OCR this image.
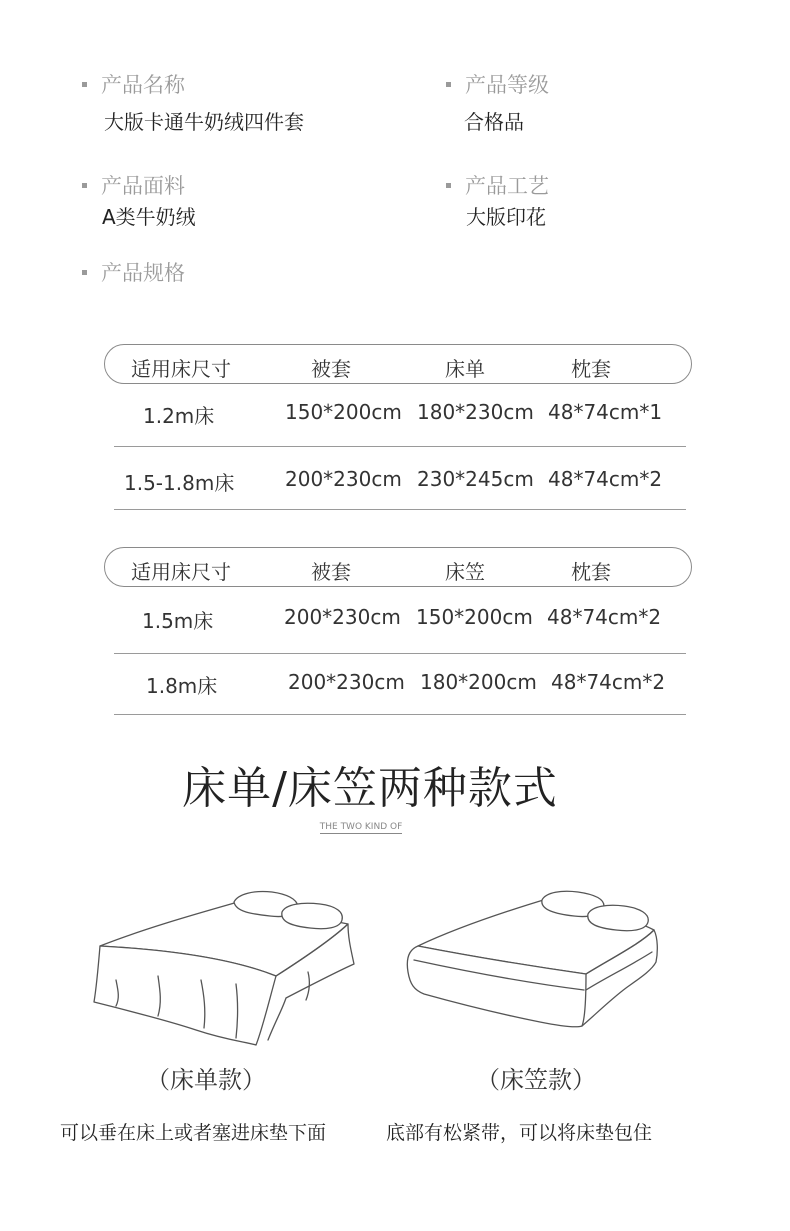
产品名称
大版卡通牛奶绒四件套
产品等级
合格品
产品面料
A类牛奶绒
产品工艺
大版印花
产品规格
适用床尺寸	被套	床单	枕套
1.2m床	150*200cm 180*230cm 48*74cm*1
1.5-1.8m床	200*230cm 230*245cm 48*74cm*2
适用床尺寸	被套	床笠	枕套
1.5m床	200*230cm 150*200cm 48*74cm*2
1.8m床	200*230cm 180*200cm 48*74cm*2
床单/床笠两种款式
THE TWO KIND OF
（床单款）	（床笠款）
可以垂在床上或者塞进床垫下面	底部有松紧带，可以将床垫包住
